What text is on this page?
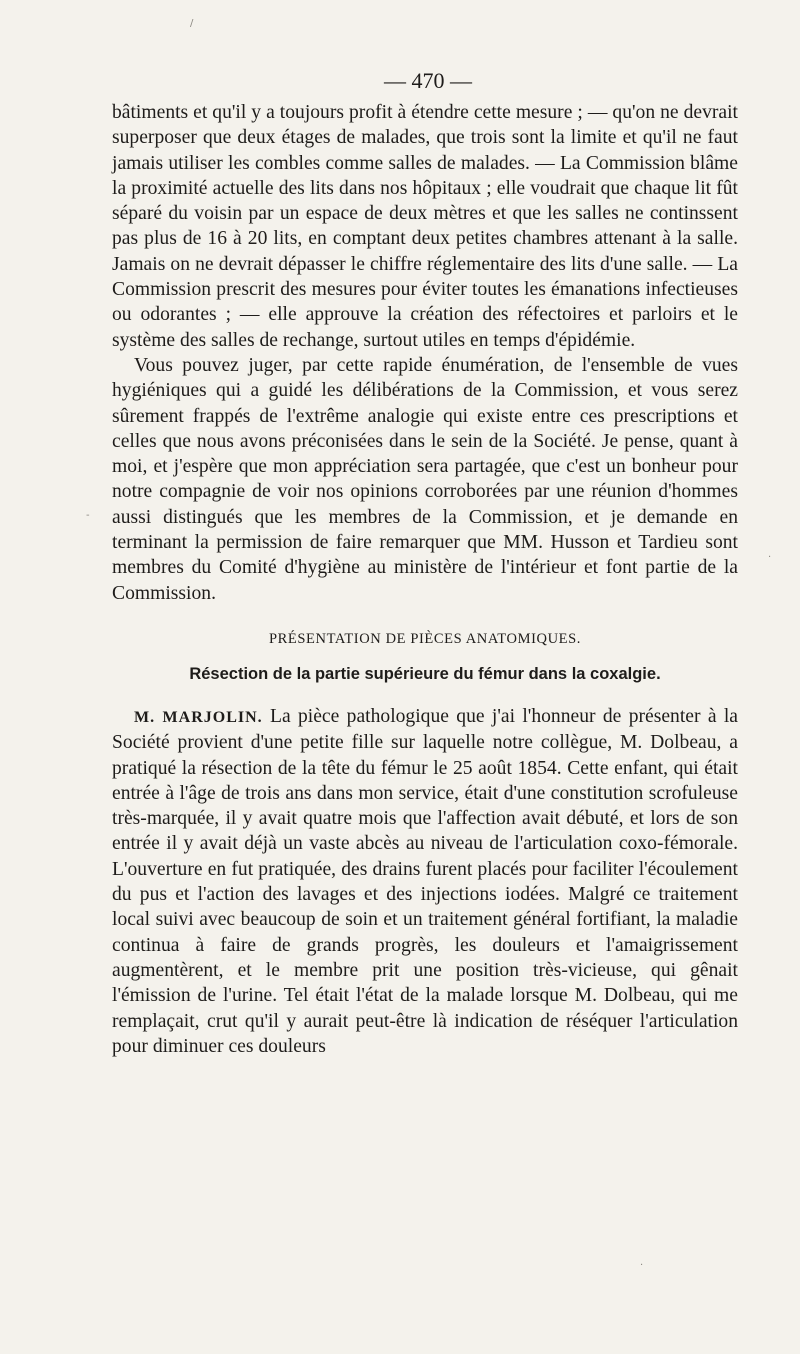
— 470 —

bâtiments et qu'il y a toujours profit à étendre cette mesure ; — qu'on ne devrait superposer que deux étages de malades, que trois sont la limite et qu'il ne faut jamais utiliser les combles comme salles de malades. — La Commission blâme la proximité actuelle des lits dans nos hôpitaux ; elle voudrait que chaque lit fût séparé du voisin par un espace de deux mètres et que les salles ne continssent pas plus de 16 à 20 lits, en comptant deux petites chambres attenant à la salle. Jamais on ne devrait dépasser le chiffre réglementaire des lits d'une salle. — La Commission prescrit des mesures pour éviter toutes les émanations infectieuses ou odorantes ; — elle approuve la création des réfectoires et parloirs et le système des salles de rechange, surtout utiles en temps d'épidémie.

Vous pouvez juger, par cette rapide énumération, de l'ensemble de vues hygiéniques qui a guidé les délibérations de la Commission, et vous serez sûrement frappés de l'extrême analogie qui existe entre ces prescriptions et celles que nous avons préconisées dans le sein de la Société. Je pense, quant à moi, et j'espère que mon appréciation sera partagée, que c'est un bonheur pour notre compagnie de voir nos opinions corroborées par une réunion d'hommes aussi distingués que les membres de la Commission, et je demande en terminant la permission de faire remarquer que MM. Husson et Tardieu sont membres du Comité d'hygiène au ministère de l'intérieur et font partie de la Commission.

PRÉSENTATION DE PIÈCES ANATOMIQUES.
Résection de la partie supérieure du fémur dans la coxalgie.

M. MARJOLIN. La pièce pathologique que j'ai l'honneur de présenter à la Société provient d'une petite fille sur laquelle notre collègue, M. Dolbeau, a pratiqué la résection de la tête du fémur le 25 août 1854. Cette enfant, qui était entrée à l'âge de trois ans dans mon service, était d'une constitution scrofuleuse très-marquée, il y avait quatre mois que l'affection avait débuté, et lors de son entrée il y avait déjà un vaste abcès au niveau de l'articulation coxo-fémorale. L'ouverture en fut pratiquée, des drains furent placés pour faciliter l'écoulement du pus et l'action des lavages et des injections iodées. Malgré ce traitement local suivi avec beaucoup de soin et un traitement général fortifiant, la maladie continua à faire de grands progrès, les douleurs et l'amaigrissement augmentèrent, et le membre prit une position très-vicieuse, qui gênait l'émission de l'urine. Tel était l'état de la malade lorsque M. Dolbeau, qui me remplaçait, crut qu'il y aurait peut-être là indication de réséquer l'articulation pour diminuer ces douleurs

/
-
·
·
